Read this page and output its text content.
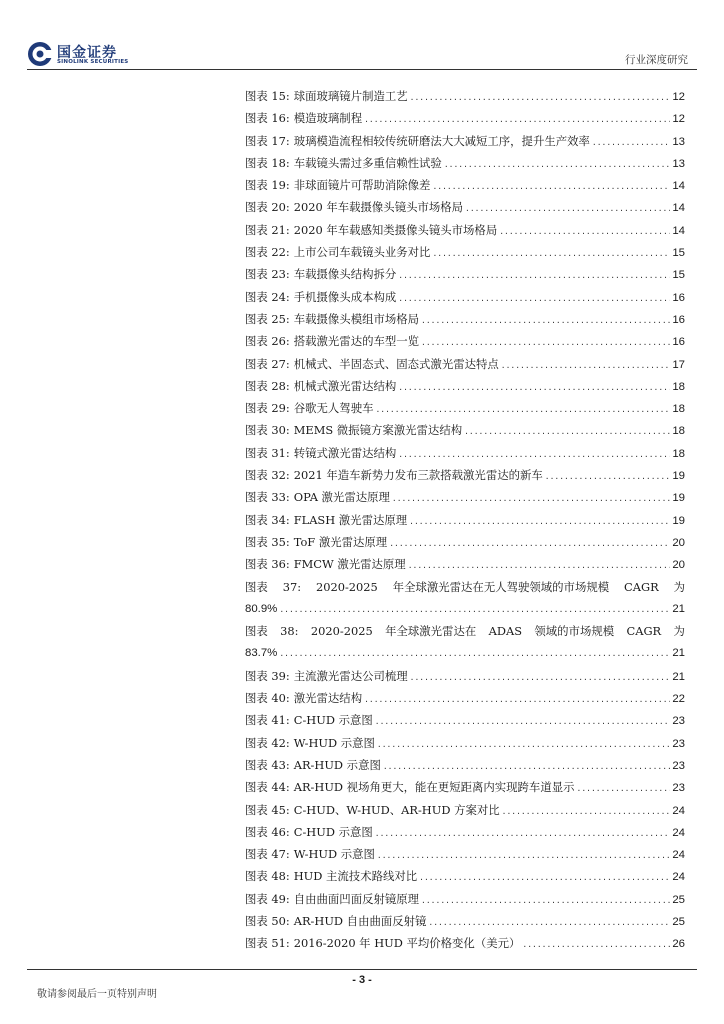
国金证券
SINOLINK SECURITIES	行业深度研究
图表 15: 球面玻璃镜片制造工艺 .....	12
图表 16: 模造玻璃制程 .....	12
图表 17: 玻璃模造流程相较传统研磨法大大减短工序，提升生产效率 .....	13
图表 18: 车载镜头需过多重信赖性试验 .....	13
图表 19: 非球面镜片可帮助消除像差 .....	14
图表 20: 2020 年车载摄像头镜头市场格局 .....	14
图表 21: 2020 年车载感知类摄像头镜头市场格局 .....	14
图表 22: 上市公司车载镜头业务对比 .....	15
图表 23: 车载摄像头结构拆分 .....	15
图表 24: 手机摄像头成本构成 .....	16
图表 25: 车载摄像头模组市场格局 .....	16
图表 26: 搭载激光雷达的车型一览 .....	16
图表 27: 机械式、半固态式、固态式激光雷达特点 .....	17
图表 28: 机械式激光雷达结构 .....	18
图表 29: 谷歌无人驾驶车 .....	18
图表 30: MEMS 微振镜方案激光雷达结构 .....	18
图表 31: 转镜式激光雷达结构 .....	18
图表 32: 2021 年造车新势力发布三款搭载激光雷达的新车 .....	19
图表 33: OPA 激光雷达原理 .....	19
图表 34: FLASH 激光雷达原理 .....	19
图表 35: ToF 激光雷达原理 .....	20
图表 36: FMCW 激光雷达原理 .....	20
图表 37: 2020-2025 年全球激光雷达在无人驾驶领域的市场规模 CAGR 为
80.9% .....	21
图表 38: 2020-2025 年全球激光雷达在 ADAS 领域的市场规模 CAGR 为
83.7% .....	21
图表 39: 主流激光雷达公司梳理 .....	21
图表 40: 激光雷达结构 .....	22
图表 41: C-HUD 示意图 .....	23
图表 42: W-HUD 示意图 .....	23
图表 43: AR-HUD 示意图 .....	23
图表 44: AR-HUD 视场角更大，能在更短距离内实现跨车道显示 .....	23
图表 45: C-HUD、W-HUD、AR-HUD 方案对比 .....	24
图表 46: C-HUD 示意图 .....	24
图表 47: W-HUD 示意图 .....	24
图表 48: HUD 主流技术路线对比 .....	24
图表 49: 自由曲面凹面反射镜原理 .....	25
图表 50: AR-HUD 自由曲面反射镜 .....	25
图表 51: 2016-2020 年 HUD 平均价格变化（美元） .....	26
- 3 -
敬请参阅最后一页特别声明
